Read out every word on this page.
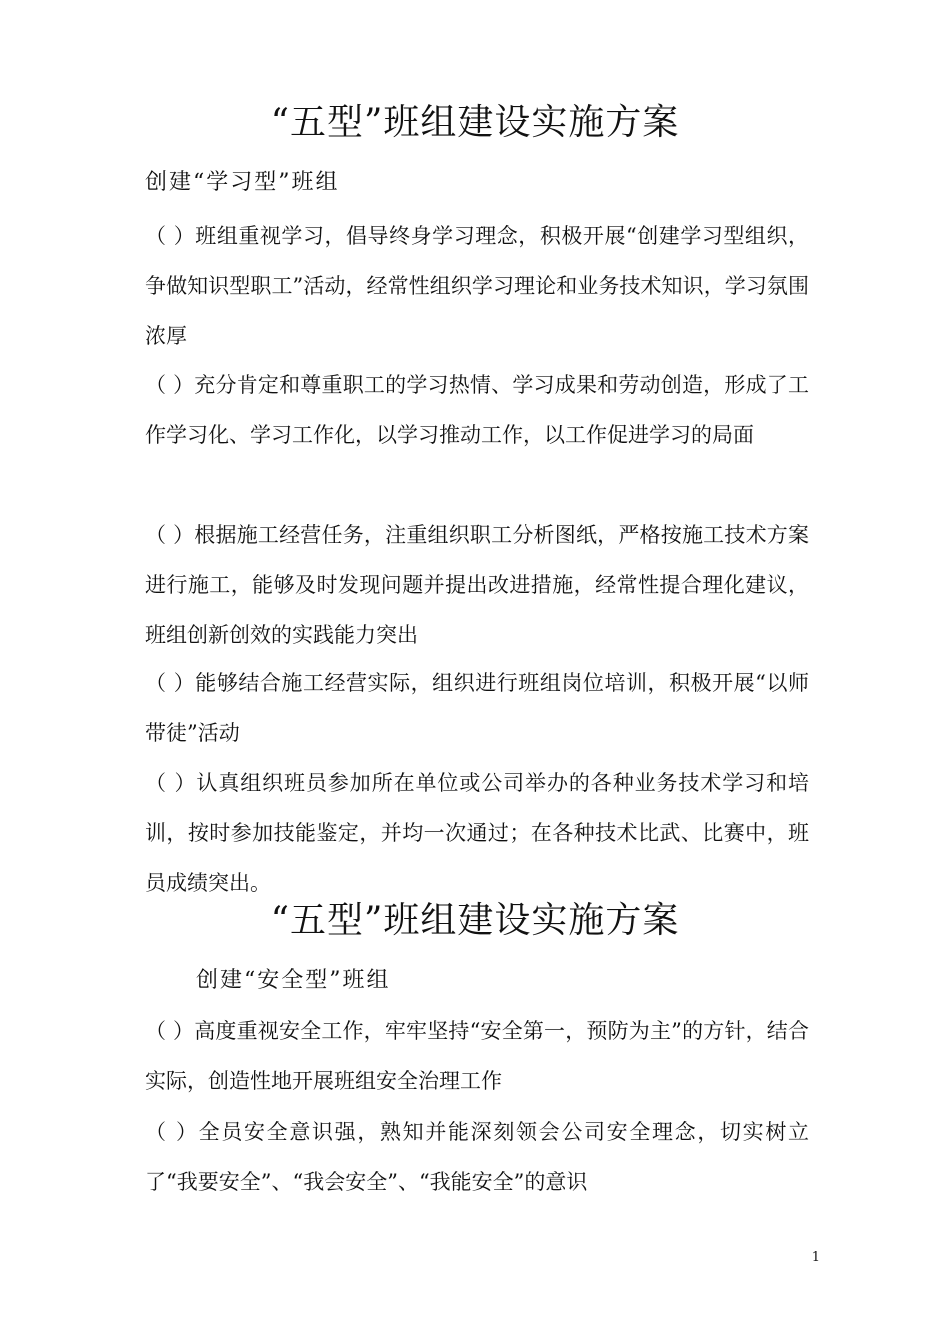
“五型”班组建设实施方案
创建“学习型”班组
（ ）班组重视学习，倡导终身学习理念，积极开展“创建学习型组织，争做知识型职工”活动，经常性组织学习理论和业务技术知识，学习氛围浓厚
（ ）充分肯定和尊重职工的学习热情、学习成果和劳动创造，形成了工作学习化、学习工作化，以学习推动工作，以工作促进学习的局面
（ ）根据施工经营任务，注重组织职工分析图纸，严格按施工技术方案进行施工，能够及时发现问题并提出改进措施，经常性提合理化建议，班组创新创效的实践能力突出
（ ）能够结合施工经营实际，组织进行班组岗位培训，积极开展“以师带徒”活动
（ ）认真组织班员参加所在单位或公司举办的各种业务技术学习和培训，按时参加技能鉴定，并均一次通过；在各种技术比武、比赛中，班员成绩突出。
“五型”班组建设实施方案
创建“安全型”班组
（ ）高度重视安全工作，牢牢坚持“安全第一，预防为主”的方针，结合实际，创造性地开展班组安全治理工作
（ ）全员安全意识强，熟知并能深刻领会公司安全理念，切实树立了“我要安全”、“我会安全”、“我能安全”的意识
1
